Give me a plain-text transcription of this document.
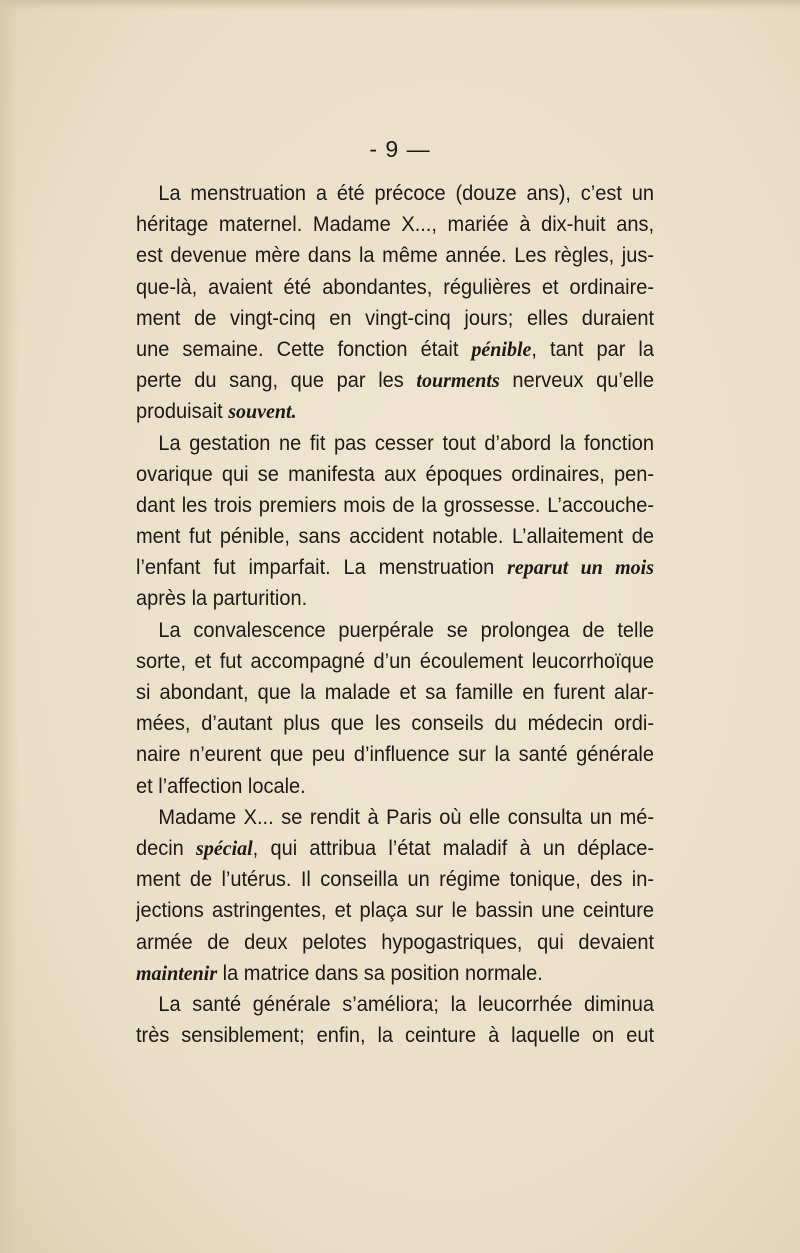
- 9 —
La menstruation a été précoce (douze ans), c’est un
héritage maternel. Madame X..., mariée à dix-huit ans,
est devenue mère dans la même année. Les règles, jus-
que-là, avaient été abondantes, régulières et ordinaire-
ment de vingt-cinq en vingt-cinq jours; elles duraient
une semaine. Cette fonction était pénible, tant par la
perte du sang, que par les tourments nerveux qu’elle
produisait souvent.
La gestation ne fit pas cesser tout d’abord la fonction
ovarique qui se manifesta aux époques ordinaires, pen-
dant les trois premiers mois de la grossesse. L’accouche-
ment fut pénible, sans accident notable. L’allaitement de
l’enfant fut imparfait. La menstruation reparut un mois
après la parturition.
La convalescence puerpérale se prolongea de telle
sorte, et fut accompagné d’un écoulement leucorrhoïque
si abondant, que la malade et sa famille en furent alar-
mées, d’autant plus que les conseils du médecin ordi-
naire n’eurent que peu d’influence sur la santé générale
et l’affection locale.
Madame X... se rendit à Paris où elle consulta un mé-
decin spécial, qui attribua l’état maladif à un déplace-
ment de l’utérus. Il conseilla un régime tonique, des in-
jections astringentes, et plaça sur le bassin une ceinture
armée de deux pelotes hypogastriques, qui devaient
maintenir la matrice dans sa position normale.
La santé générale s’améliora; la leucorrhée diminua
très sensiblement; enfin, la ceinture à laquelle on eut
